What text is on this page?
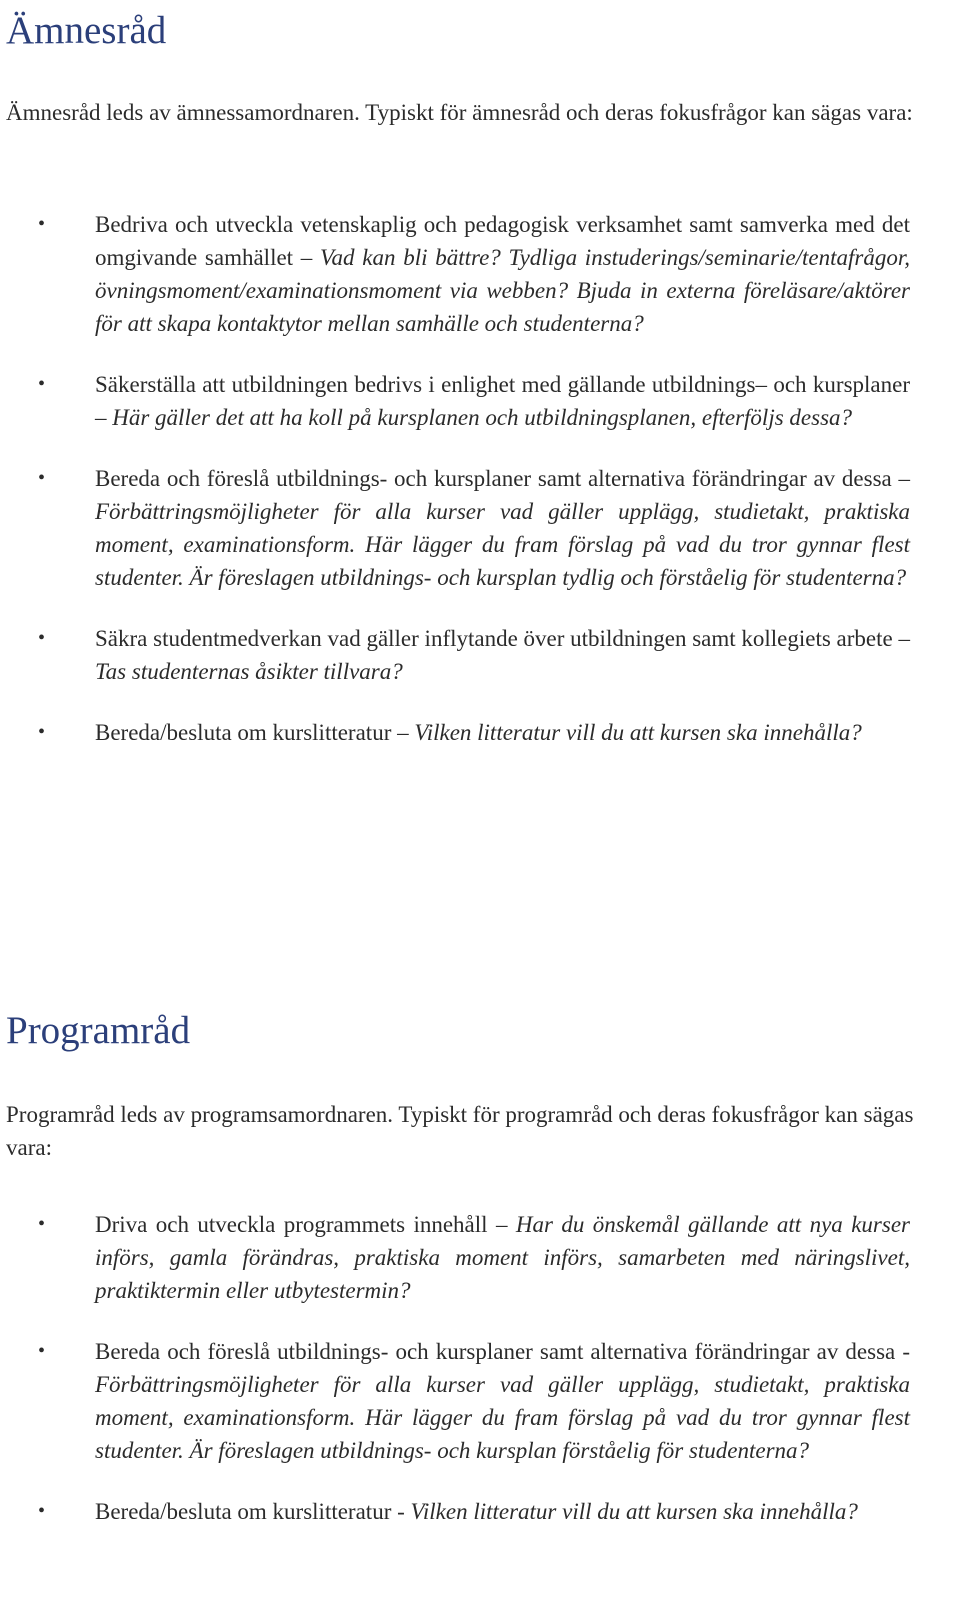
Ämnesråd

Ämnesråd leds av ämnessamordnaren. Typiskt för ämnesråd och deras fokusfrågor kan sägas vara:

• Bedriva och utveckla vetenskaplig och pedagogisk verksamhet samt samverka med det omgivande samhället – Vad kan bli bättre? Tydliga instuderings/seminarie/tentafrågor, övningsmoment/examinationsmoment via webben? Bjuda in externa föreläsare/aktörer för att skapa kontaktytor mellan samhälle och studenterna?
• Säkerställa att utbildningen bedrivs i enlighet med gällande utbildnings– och kursplaner – Här gäller det att ha koll på kursplanen och utbildningsplanen, efterföljs dessa?
• Bereda och föreslå utbildnings- och kursplaner samt alternativa förändringar av dessa – Förbättringsmöjligheter för alla kurser vad gäller upplägg, studietakt, praktiska moment, examinationsform. Här lägger du fram förslag på vad du tror gynnar flest studenter. Är föreslagen utbildnings- och kursplan tydlig och förståelig för studenterna?
• Säkra studentmedverkan vad gäller inflytande över utbildningen samt kollegiets arbete – Tas studenternas åsikter tillvara?
• Bereda/besluta om kurslitteratur – Vilken litteratur vill du att kursen ska innehålla?
Programråd

Programråd leds av programsamordnaren. Typiskt för programråd och deras fokusfrågor kan sägas vara:

• Driva och utveckla programmets innehåll – Har du önskemål gällande att nya kurser införs, gamla förändras, praktiska moment införs, samarbeten med näringslivet, praktiktermin eller utbytestermin?
• Bereda och föreslå utbildnings- och kursplaner samt alternativa förändringar av dessa - Förbättringsmöjligheter för alla kurser vad gäller upplägg, studietakt, praktiska moment, examinationsform. Här lägger du fram förslag på vad du tror gynnar flest studenter. Är föreslagen utbildnings- och kursplan förståelig för studenterna?
• Bereda/besluta om kurslitteratur - Vilken litteratur vill du att kursen ska innehålla?
